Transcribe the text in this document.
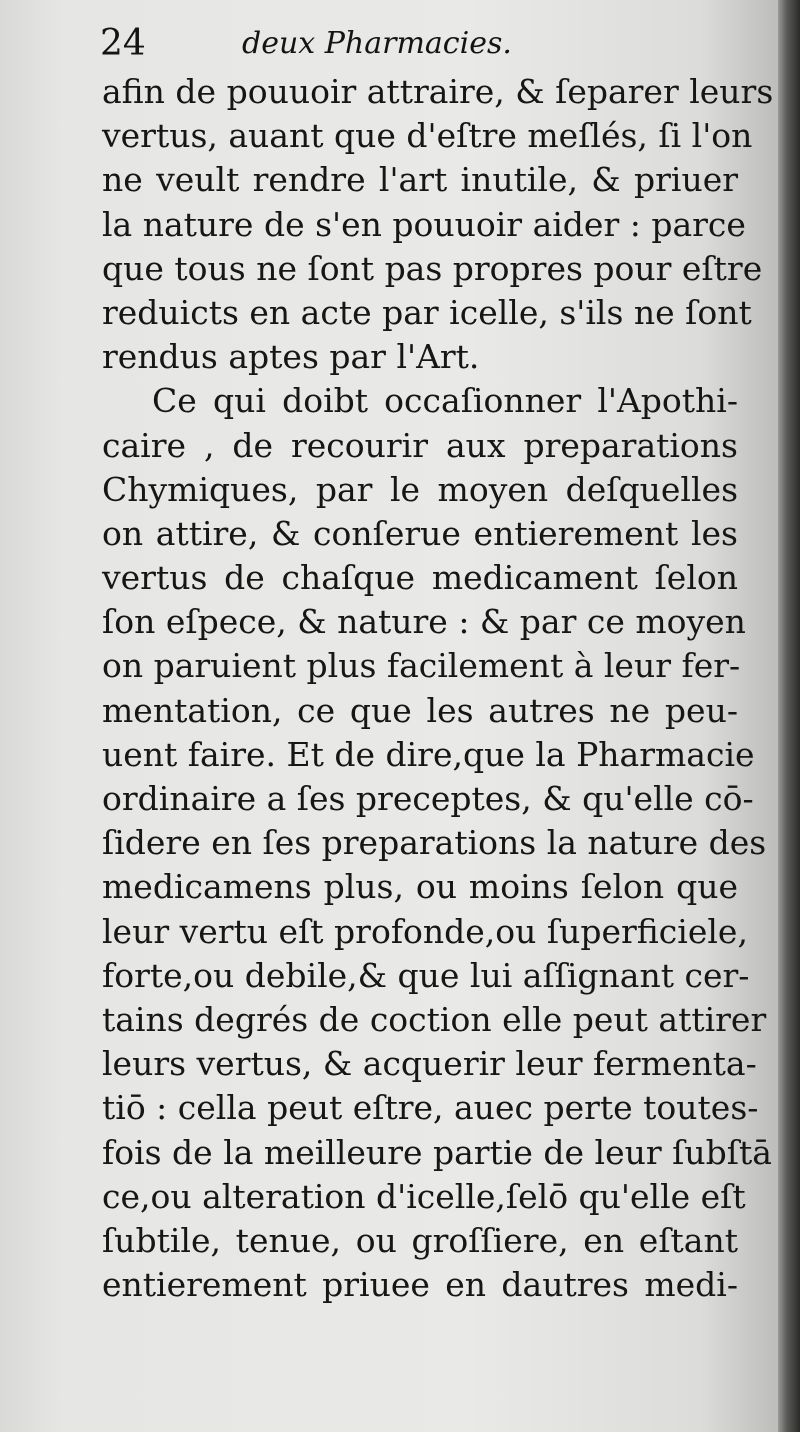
24	deux Pharmacies.
afin de pouuoir attraire, & ſeparer leurs
vertus, auant que d'eſtre meſlés, ſi l'on
ne veult rendre l'art inutile, & priuer
la nature de s'en pouuoir aider : parce
que tous ne ſont pas propres pour eſtre
reduicts en acte par icelle, s'ils ne ſont
rendus aptes par l'Art.
Ce qui doibt occaſionner l'Apothi-
caire , de recourir aux preparations
Chymiques, par le moyen deſquelles
on attire, & conſerue entierement les
vertus de chaſque medicament ſelon
ſon eſpece, & nature : & par ce moyen
on paruient plus facilement à leur fer-
mentation, ce que les autres ne peu-
uent faire. Et de dire,que la Pharmacie
ordinaire a ſes preceptes, & qu'elle cō-
ſidere en ſes preparations la nature des
medicamens plus, ou moins ſelon que
leur vertu eſt profonde,ou ſuperficiele,
forte,ou debile,& que lui aſſignant cer-
tains degrés de coction elle peut attirer
leurs vertus, & acquerir leur fermenta-
tiō : cella peut eſtre, auec perte toutes-
fois de la meilleure partie de leur ſubſtā
ce,ou alteration d'icelle,ſelō qu'elle eſt
ſubtile, tenue, ou groſſiere, en eſtant
entierement priuee en dautres medi-
